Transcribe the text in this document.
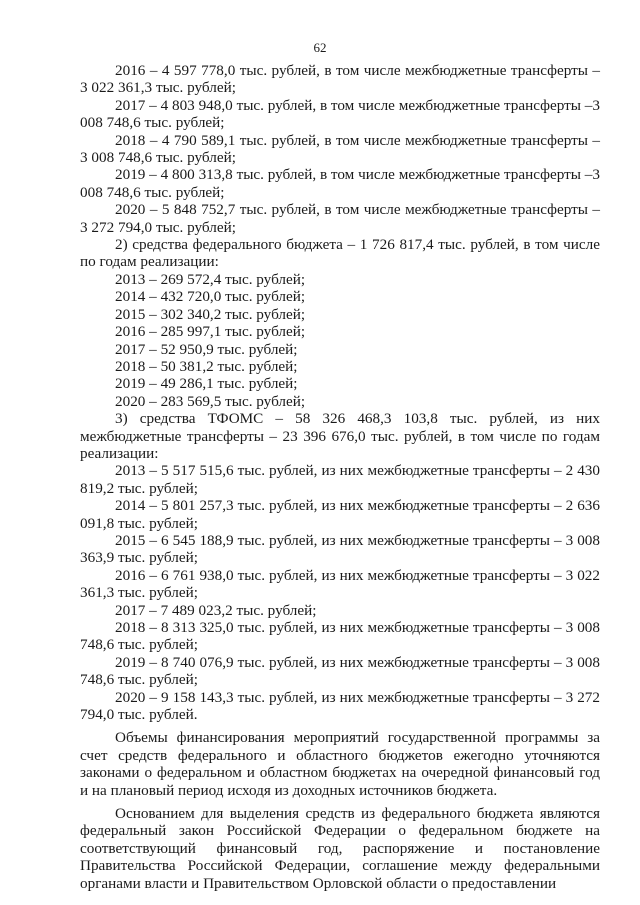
62

2016 – 4 597 778,0 тыс. рублей, в том числе межбюджетные трансферты – 3 022 361,3 тыс. рублей;

2017 – 4 803 948,0 тыс. рублей, в том числе межбюджетные трансферты –3 008 748,6 тыс. рублей;

2018 – 4 790 589,1 тыс. рублей, в том числе межбюджетные трансферты – 3 008 748,6 тыс. рублей;

2019 – 4 800 313,8 тыс. рублей, в том числе межбюджетные трансферты –3 008 748,6 тыс. рублей;

2020 – 5 848 752,7 тыс. рублей, в том числе межбюджетные трансферты – 3 272 794,0 тыс. рублей;

2) средства федерального бюджета – 1 726 817,4 тыс. рублей, в том числе по годам реализации:

2013 – 269 572,4 тыс. рублей;

2014 – 432 720,0 тыс. рублей;

2015 – 302 340,2 тыс. рублей;

2016 – 285 997,1 тыс. рублей;

2017 – 52 950,9 тыс. рублей;

2018 – 50 381,2 тыс. рублей;

2019 – 49 286,1 тыс. рублей;

2020 – 283 569,5 тыс. рублей;

3) средства ТФОМС – 58 326 468,3 103,8 тыс. рублей, из них межбюджетные трансферты – 23 396 676,0 тыс. рублей, в том числе по годам реализации:

2013 – 5 517 515,6 тыс. рублей, из них межбюджетные трансферты – 2 430 819,2 тыс. рублей;

2014 – 5 801 257,3 тыс. рублей, из них межбюджетные трансферты – 2 636 091,8 тыс. рублей;

2015 – 6 545 188,9 тыс. рублей, из них межбюджетные трансферты – 3 008 363,9 тыс. рублей;

2016 – 6 761 938,0 тыс. рублей, из них межбюджетные трансферты – 3 022 361,3 тыс. рублей;

2017 – 7 489 023,2 тыс. рублей;

2018 – 8 313 325,0 тыс. рублей, из них межбюджетные трансферты – 3 008 748,6 тыс. рублей;

2019 – 8 740 076,9 тыс. рублей, из них межбюджетные трансферты – 3 008 748,6 тыс. рублей;

2020 – 9 158 143,3 тыс. рублей, из них межбюджетные трансферты – 3 272 794,0 тыс. рублей.

Объемы финансирования мероприятий государственной программы за счет средств федерального и областного бюджетов ежегодно уточняются законами о федеральном и областном бюджетах на очередной финансовый год и на плановый период исходя из доходных источников бюджета.

Основанием для выделения средств из федерального бюджета являются федеральный закон Российской Федерации о федеральном бюджете на соответствующий финансовый год, распоряжение и постановление Правительства Российской Федерации, соглашение между федеральными органами власти и Правительством Орловской области о предоставлении
